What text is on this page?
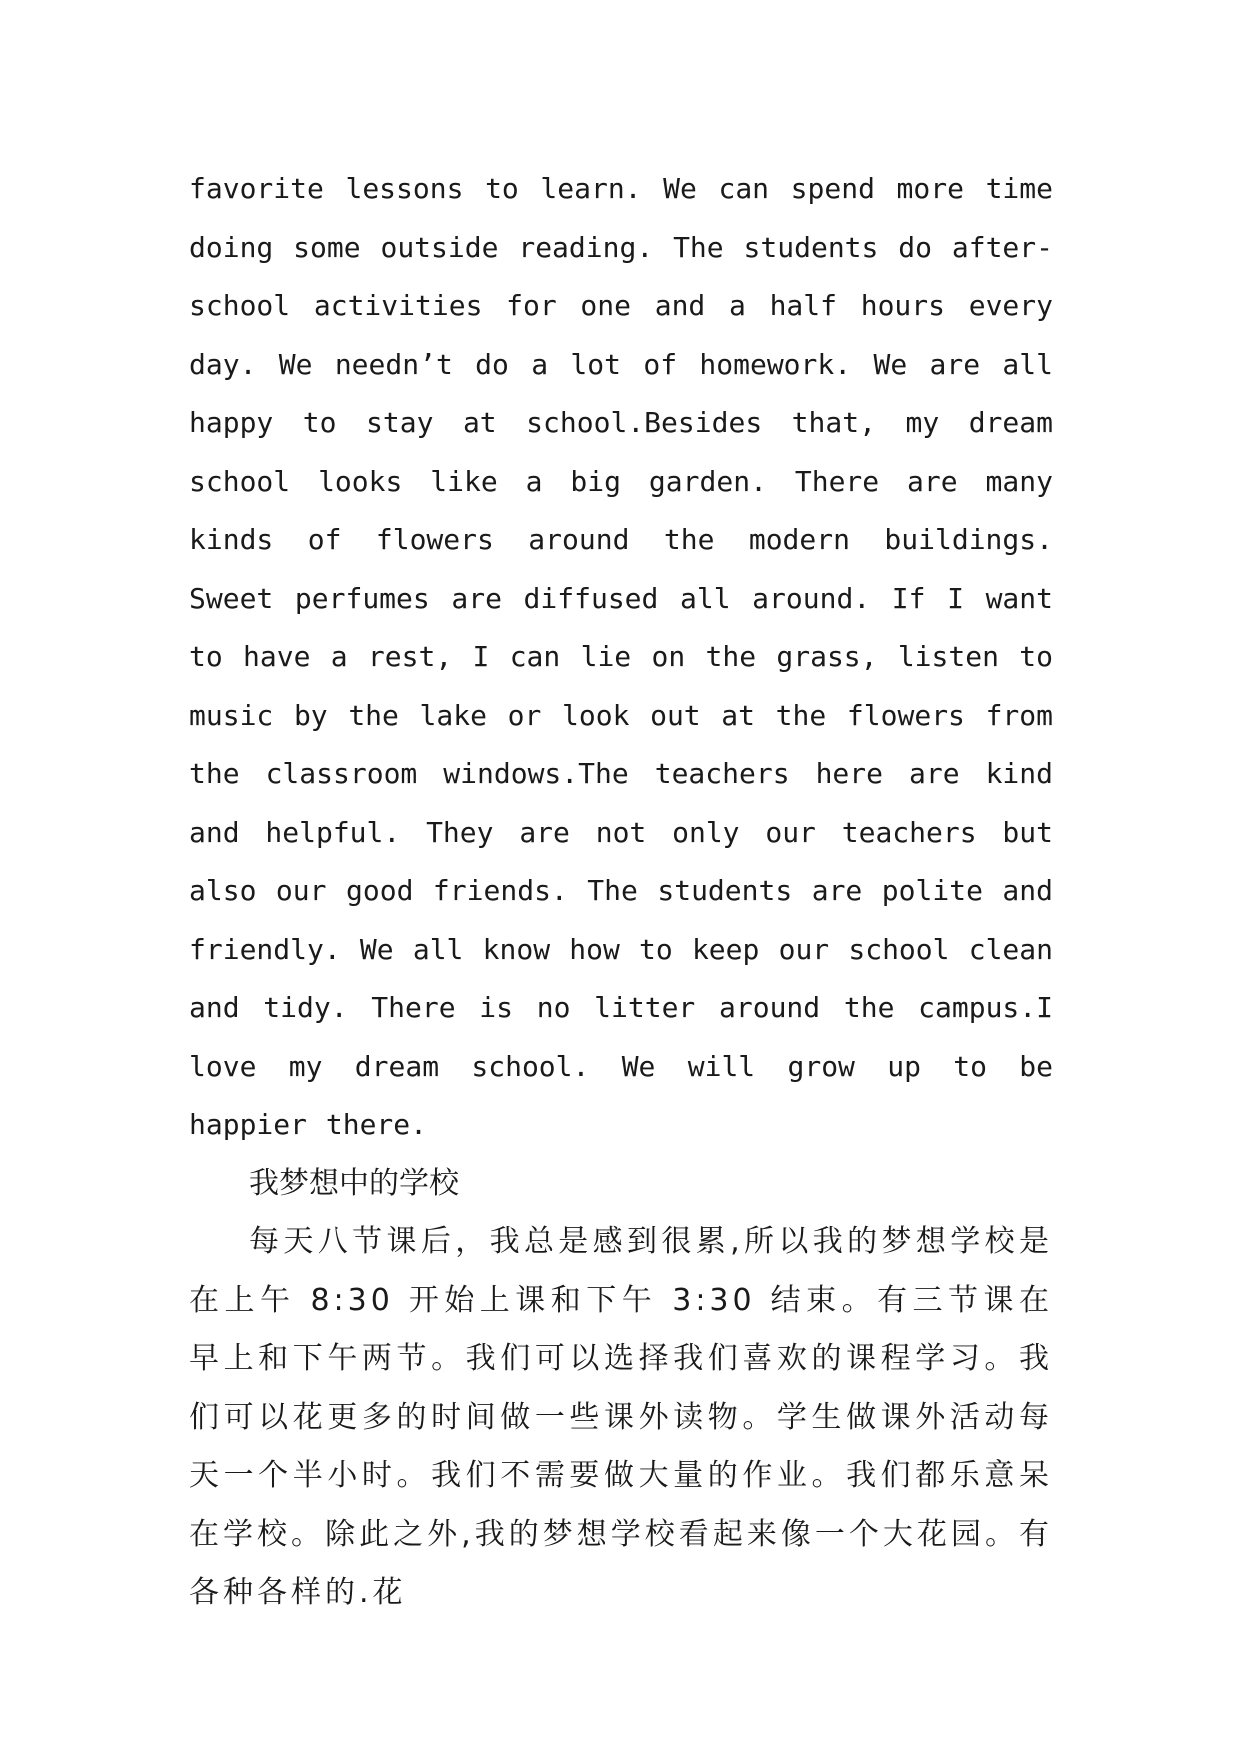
favorite lessons to learn. We can spend more time doing some outside reading. The students do after-school activities for one and a half hours every day. We needn’t do a lot of homework. We are all happy to stay at school.Besides that, my dream school looks like a big garden. There are many kinds of flowers around the modern buildings. Sweet perfumes are diffused all around. If I want to have a rest, I can lie on the grass, listen to music by the lake or look out at the flowers from the classroom windows.The teachers here are kind and helpful. They are not only our teachers but also our good friends. The students are polite and friendly. We all know how to keep our school clean and tidy. There is no litter around the campus.I love my dream school. We will grow up to be happier there.

我梦想中的学校

每天八节课后，我总是感到很累,所以我的梦想学校是在上午 8:30 开始上课和下午 3:30 结束。有三节课在早上和下午两节。我们可以选择我们喜欢的课程学习。我们可以花更多的时间做一些课外读物。学生做课外活动每天一个半小时。我们不需要做大量的作业。我们都乐意呆在学校。除此之外,我的梦想学校看起来像一个大花园。有各种各样的.花
